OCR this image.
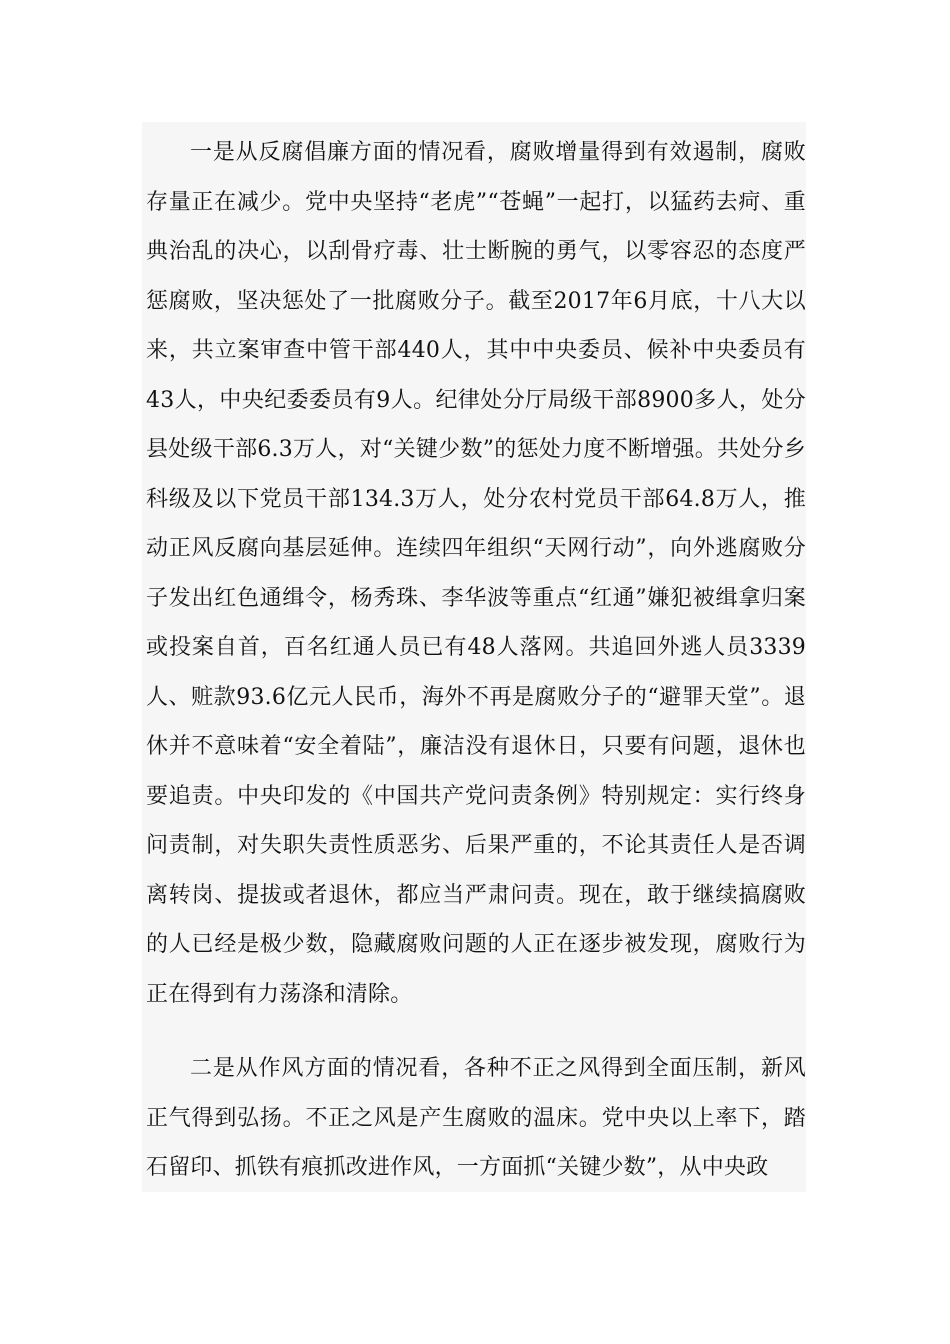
一是从反腐倡廉方面的情况看，腐败增量得到有效遏制，腐败存量正在减少。党中央坚持“老虎”“苍蝇”一起打，以猛药去疴、重典治乱的决心，以刮骨疗毒、壮士断腕的勇气，以零容忍的态度严惩腐败，坚决惩处了一批腐败分子。截至2017年6月底，十八大以来，共立案审查中管干部440人，其中中央委员、候补中央委员有43人，中央纪委委员有9人。纪律处分厅局级干部8900多人，处分县处级干部6.3万人，对“关键少数”的惩处力度不断增强。共处分乡科级及以下党员干部134.3万人，处分农村党员干部64.8万人，推动正风反腐向基层延伸。连续四年组织“天网行动”，向外逃腐败分子发出红色通缉令，杨秀珠、李华波等重点“红通”嫌犯被缉拿归案或投案自首，百名红通人员已有48人落网。共追回外逃人员3339人、赃款93.6亿元人民币，海外不再是腐败分子的“避罪天堂”。退休并不意味着“安全着陆”，廉洁没有退休日，只要有问题，退休也要追责。中央印发的《中国共产党问责条例》特别规定：实行终身问责制，对失职失责性质恶劣、后果严重的，不论其责任人是否调离转岗、提拔或者退休，都应当严肃问责。现在，敢于继续搞腐败的人已经是极少数，隐藏腐败问题的人正在逐步被发现，腐败行为正在得到有力荡涤和清除。

二是从作风方面的情况看，各种不正之风得到全面压制，新风正气得到弘扬。不正之风是产生腐败的温床。党中央以上率下，踏石留印、抓铁有痕抓改进作风，一方面抓“关键少数”，从中央政
